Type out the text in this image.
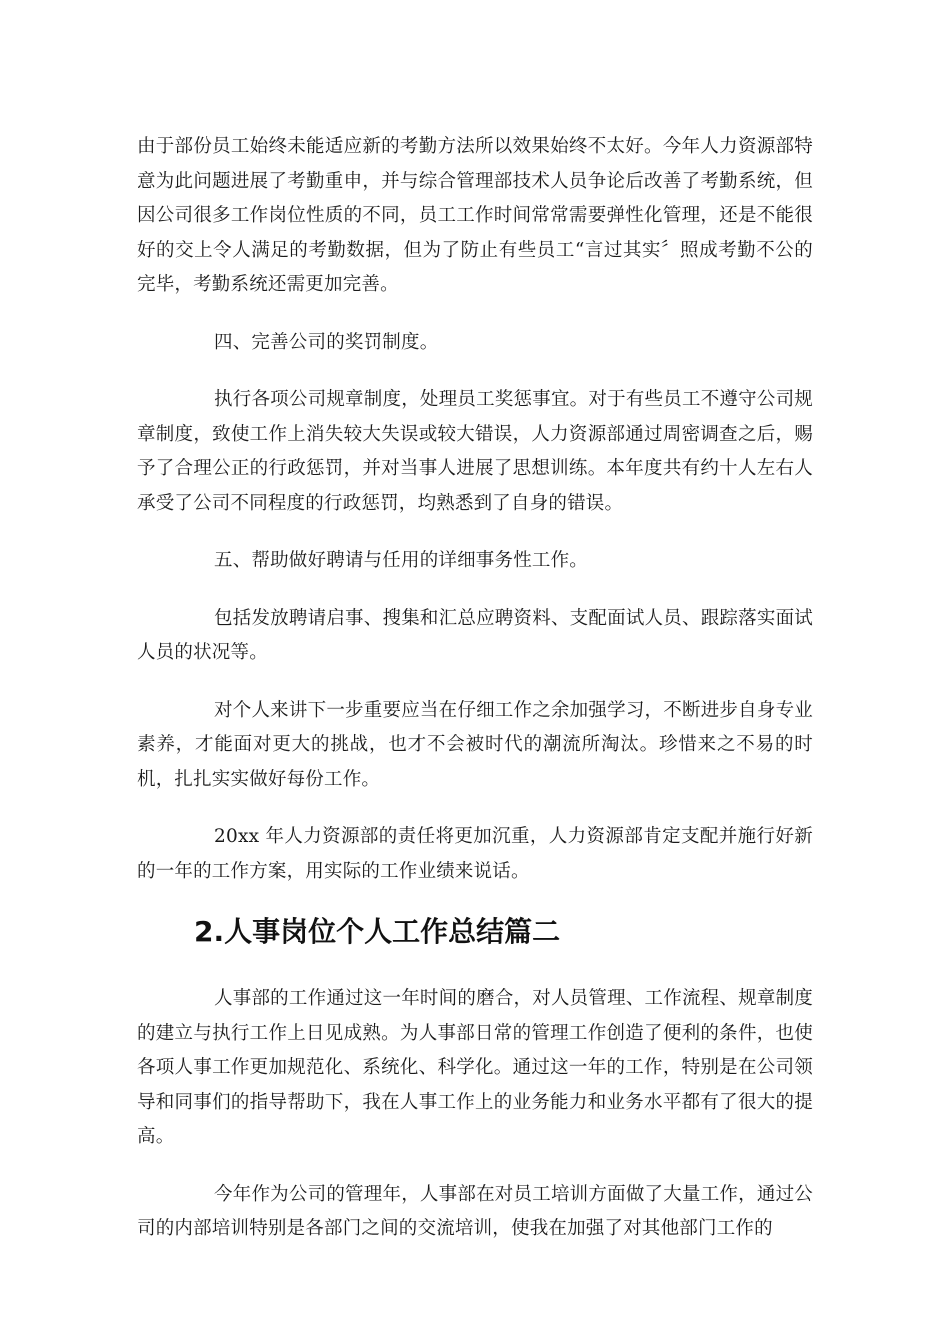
由于部份员工始终未能适应新的考勤方法所以效果始终不太好。今年人力资源部特意为此问题进展了考勤重申，并与综合管理部技术人员争论后改善了考勤系统，但因公司很多工作岗位性质的不同，员工工作时间常常需要弹性化管理，还是不能很好的交上令人满足的考勤数据，但为了防止有些员工“言过其实〞照成考勤不公的完毕，考勤系统还需更加完善。

四、完善公司的奖罚制度。

执行各项公司规章制度，处理员工奖惩事宜。对于有些员工不遵守公司规章制度，致使工作上消失较大失误或较大错误，人力资源部通过周密调查之后，赐予了合理公正的行政惩罚，并对当事人进展了思想训练。本年度共有约十人左右人承受了公司不同程度的行政惩罚，均熟悉到了自身的错误。

五、帮助做好聘请与任用的详细事务性工作。

包括发放聘请启事、搜集和汇总应聘资料、支配面试人员、跟踪落实面试人员的状况等。

对个人来讲下一步重要应当在仔细工作之余加强学习，不断进步自身专业素养，才能面对更大的挑战，也才不会被时代的潮流所淘汰。珍惜来之不易的时机，扎扎实实做好每份工作。

20xx 年人力资源部的责任将更加沉重，人力资源部肯定支配并施行好新的一年的工作方案，用实际的工作业绩来说话。

2.人事岗位个人工作总结篇二

人事部的工作通过这一年时间的磨合，对人员管理、工作流程、规章制度的建立与执行工作上日见成熟。为人事部日常的管理工作创造了便利的条件，也使各项人事工作更加规范化、系统化、科学化。通过这一年的工作，特别是在公司领导和同事们的指导帮助下，我在人事工作上的业务能力和业务水平都有了很大的提高。

今年作为公司的管理年，人事部在对员工培训方面做了大量工作，通过公司的内部培训特别是各部门之间的交流培训，使我在加强了对其他部门工作的
